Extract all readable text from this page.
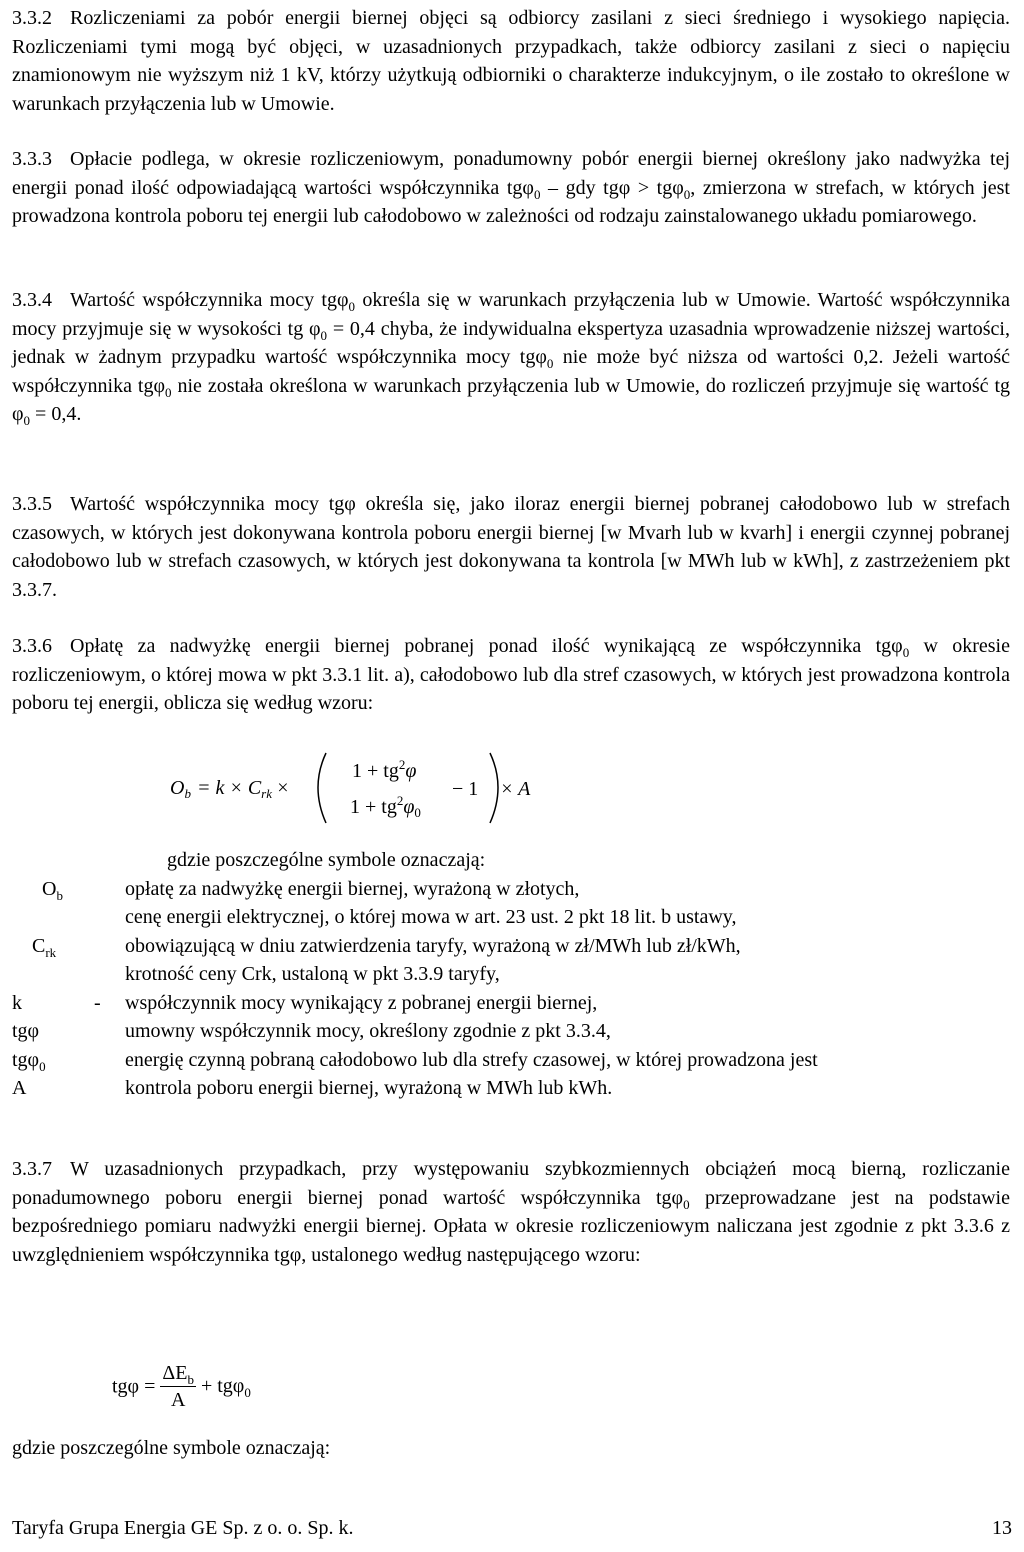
3.3.2 Rozliczeniami za pobór energii biernej objęci są odbiorcy zasilani z sieci średniego i wysokiego napięcia. Rozliczeniami tymi mogą być objęci, w uzasadnionych przypadkach, także odbiorcy zasilani z sieci o napięciu znamionowym nie wyższym niż 1 kV, którzy użytkują odbiorniki o charakterze indukcyjnym, o ile zostało to określone w warunkach przyłączenia lub w Umowie.

3.3.3 Opłacie podlega, w okresie rozliczeniowym, ponadumowny pobór energii biernej określony jako nadwyżka tej energii ponad ilość odpowiadającą wartości współczynnika tgφ$_0$ – gdy tgφ > tgφ$_0$, zmierzona w strefach, w których jest prowadzona kontrola poboru tej energii lub całodobowo w zależności od rodzaju zainstalowanego układu pomiarowego.

3.3.4 Wartość współczynnika mocy tgφ$_0$ określa się w warunkach przyłączenia lub w Umowie. Wartość współczynnika mocy przyjmuje się w wysokości tg $\varphi_0 = 0,4$ chyba, że indywidualna ekspertyza uzasadnia wprowadzenie niższej wartości, jednak w żadnym przypadku wartość współczynnika mocy tgφ$_0$ nie może być niższa od wartości 0,2. Jeżeli wartość współczynnika tgφ$_0$ nie została określona w warunkach przyłączenia lub w Umowie, do rozliczeń przyjmuje się wartość tg $\varphi_0 = 0,4$.

3.3.5 Wartość współczynnika mocy tgφ określa się, jako iloraz energii biernej pobranej całodobowo lub w strefach czasowych, w których jest dokonywana kontrola poboru energii biernej [w Mvarh lub w kvarh] i energii czynnej pobranej całodobowo lub w strefach czasowych, w których jest dokonywana ta kontrola [w MWh lub w kWh], z zastrzeżeniem pkt 3.3.7.

3.3.6 Opłatę za nadwyżkę energii biernej pobranej ponad ilość wynikającą ze współczynnika tgφ$_0$ w okresie rozliczeniowym, o której mowa w pkt 3.3.1 lit. a), całodobowo lub dla stref czasowych, w których jest prowadzona kontrola poboru tej energii, oblicza się według wzoru:

$O_b = k \times C_{rk}$ ×
$1 + tg^2\varphi$
$1 + tg^2\varphi_0$
− 1 × A
gdzie poszczególne symbole oznaczają:
$O_b$	opłatę za nadwyżkę energii biernej, wyrażoną w złotych,
cenę energii elektrycznej, o której mowa w art. 23 ust. 2 pkt 18 lit. b ustawy,
$C_{rk}$	obowiązującą w dniu zatwierdzenia taryfy, wyrażoną w zł/MWh lub zł/kWh,
krotność ceny Crk, ustaloną w pkt 3.3.9 taryfy,
k	- współczynnik mocy wynikający z pobranej energii biernej,
tgφ	umowny współczynnik mocy, określony zgodnie z pkt 3.3.4,
tgφ$_0$	energię czynną pobraną całodobowo lub dla strefy czasowej, w której prowadzona jest
A	kontrola poboru energii biernej, wyrażoną w MWh lub kWh.

3.3.7 W uzasadnionych przypadkach, przy występowaniu szybkozmiennych obciążeń mocą bierną, rozliczanie ponadumownego poboru energii biernej ponad wartość współczynnika tgφ$_0$ przeprowadzane jest na podstawie bezpośredniego pomiaru nadwyżki energii biernej. Opłata w okresie rozliczeniowym naliczana jest zgodnie z pkt 3.3.6 z uwzględnieniem współczynnika tgφ, ustalonego według następującego wzoru:

$tg\varphi = \frac{\Delta E_b}{A} + tg\varphi_0$

gdzie poszczególne symbole oznaczają:

Taryfa Grupa Energia GE Sp. z o. o. Sp. k.	13
